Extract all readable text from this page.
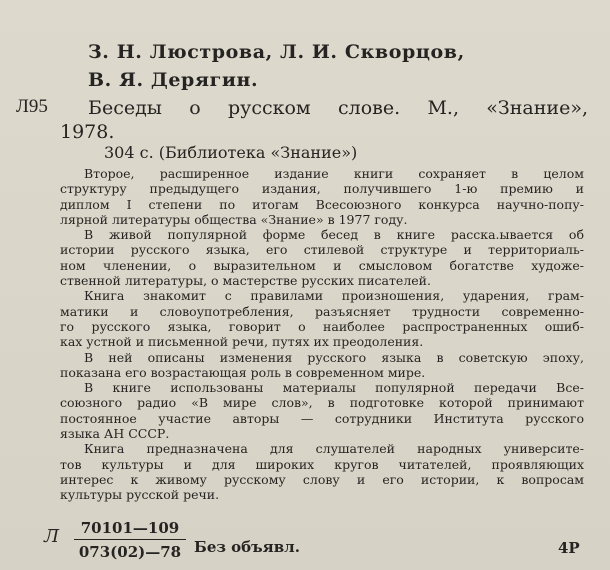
З. Н. Люстрова, Л. И. Скворцов,
В. Я. Дерягин.
Л95 Беседы о русском слове. М., «Знание»,
1978.
304 с. (Библиотека «Знание»)
Второе, расширенное издание книги сохраняет в целом
структуру предыдущего издания, получившего 1-ю премию и
диплом I степени по итогам Всесоюзного конкурса научно-попу-
лярной литературы общества «Знание» в 1977 году.
В живой популярной форме бесед в книге расска.ывается об
истории русского языка, его стилевой структуре и территориаль-
ном членении, о выразительном и смысловом богатстве художе-
ственной литературы, о мастерстве русских писателей.
Книга знакомит с правилами произношения, ударения, грам-
матики и словоупотребления, разъясняет трудности современно-
го русского языка, говорит о наиболее распространенных ошиб-
ках устной и письменной речи, путях их преодоления.
В ней описаны изменения русского языка в советскую эпоху,
показана его возрастающая роль в современном мире.
В книге использованы материалы популярной передачи Все-
союзного радио «В мире слов», в подготовке которой принимают
постоянное участие авторы — сотрудники Института русского
языка АН СССР.
Книга предназначена для слушателей народных университе-
тов культуры и для широких кругов читателей, проявляющих
интерес к живому русскому слову и его истории, к вопросам
культуры русской речи.
Л	70101—109
073(02)—78 Без объявл.	4Р
